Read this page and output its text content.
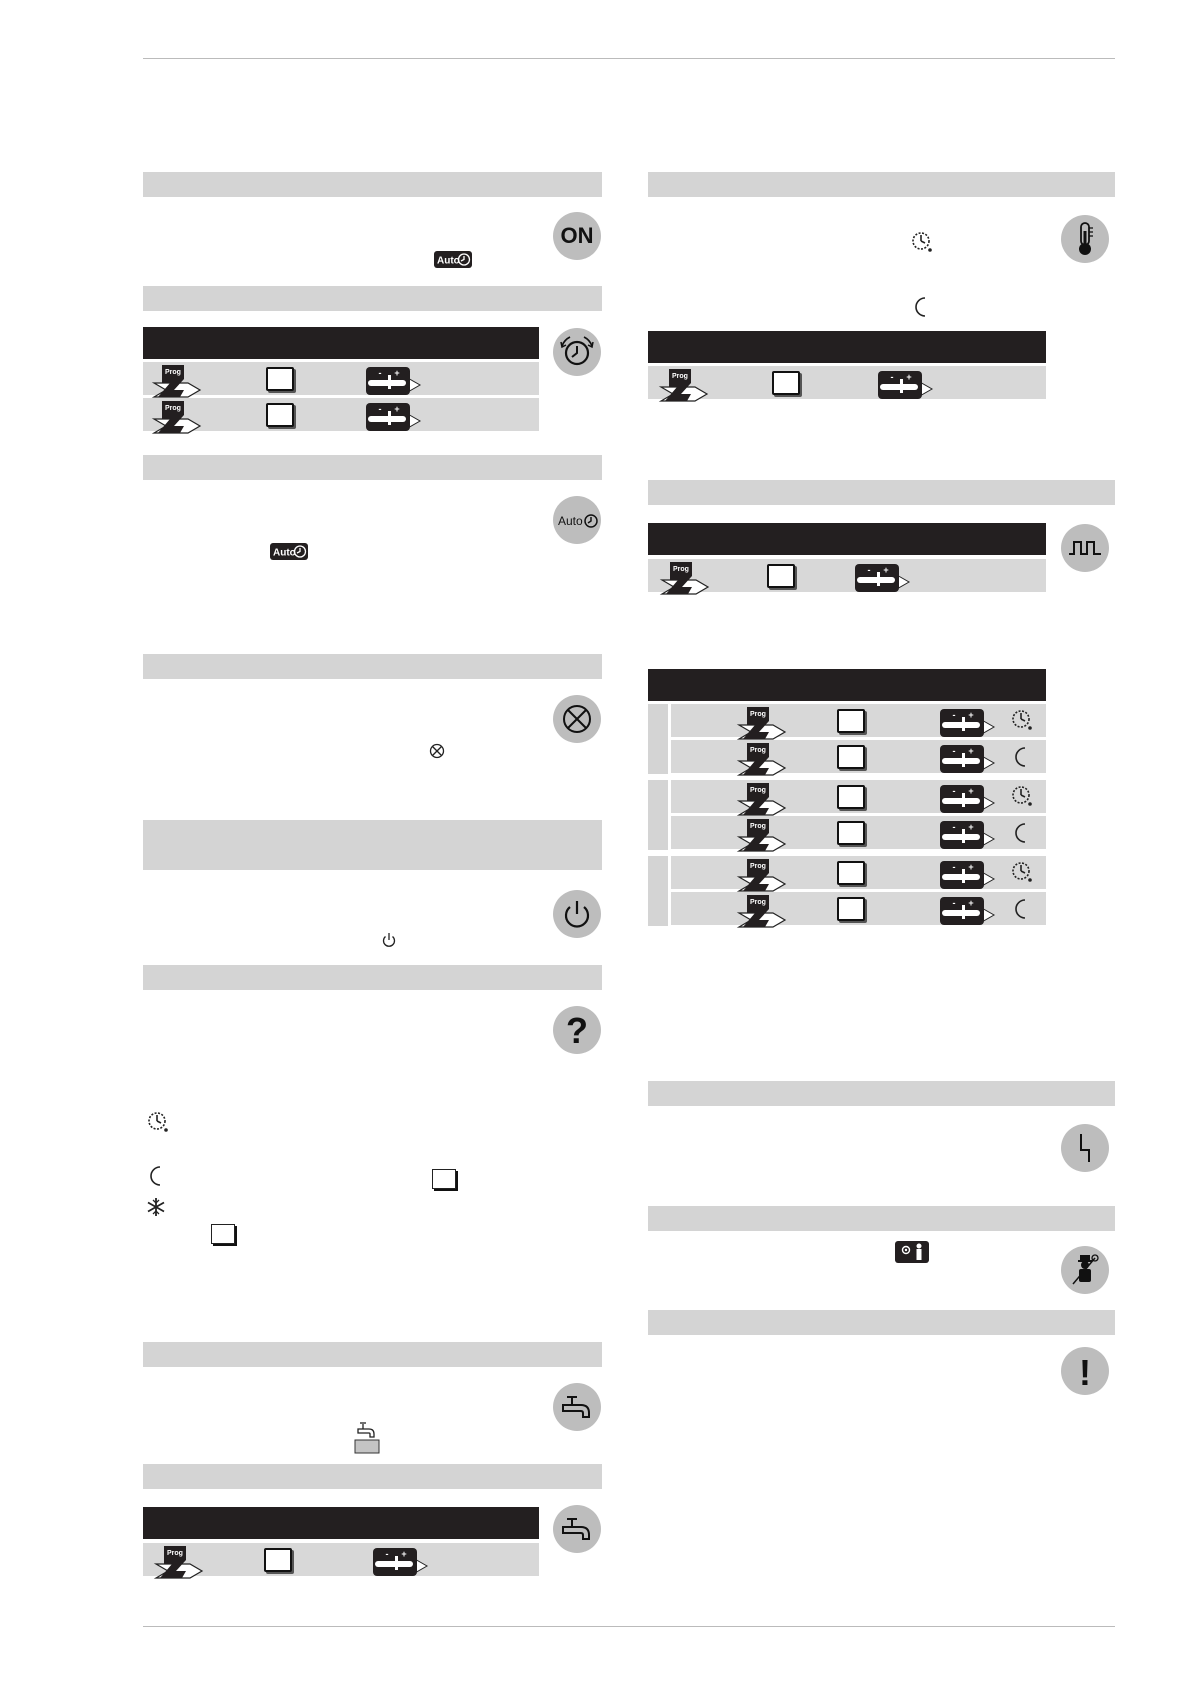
ON
Auto
Auto
Auto
?
!
